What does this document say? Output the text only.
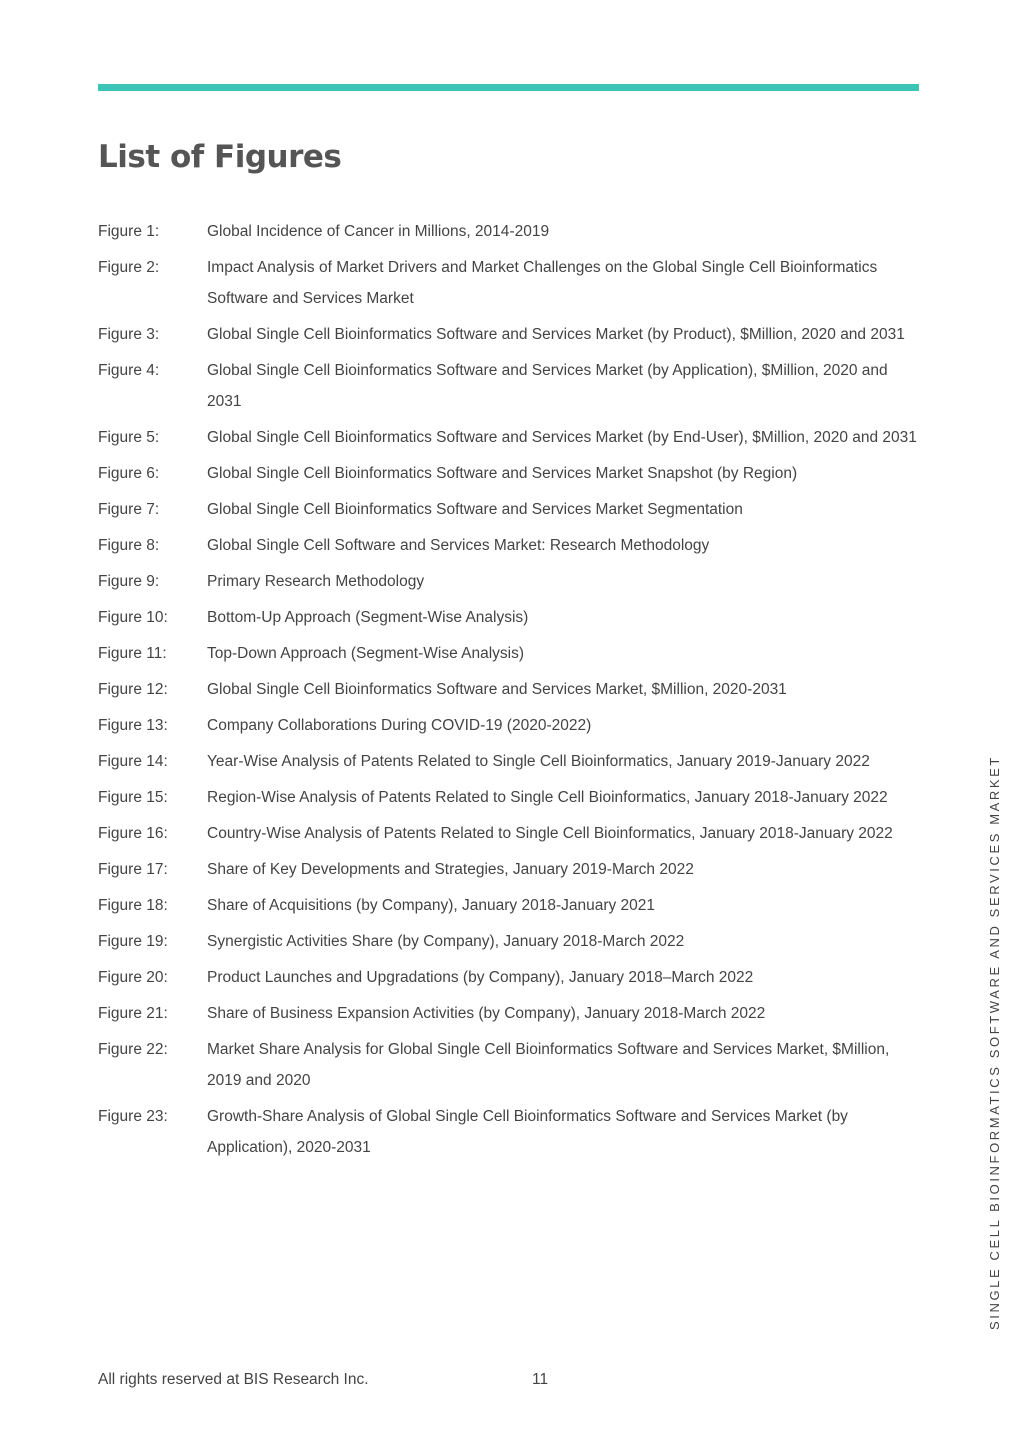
List of Figures
Figure 1:	Global Incidence of Cancer in Millions, 2014-2019
Figure 2:	Impact Analysis of Market Drivers and Market Challenges on the Global Single Cell Bioinformatics Software and Services Market
Figure 3:	Global Single Cell Bioinformatics Software and Services Market (by Product), $Million, 2020 and 2031
Figure 4:	Global Single Cell Bioinformatics Software and Services Market (by Application), $Million, 2020 and 2031
Figure 5:	Global Single Cell Bioinformatics Software and Services Market (by End-User), $Million, 2020 and 2031
Figure 6:	Global Single Cell Bioinformatics Software and Services Market Snapshot (by Region)
Figure 7:	Global Single Cell Bioinformatics Software and Services Market Segmentation
Figure 8:	Global Single Cell Software and Services Market: Research Methodology
Figure 9:	Primary Research Methodology
Figure 10:	Bottom-Up Approach (Segment-Wise Analysis)
Figure 11:	Top-Down Approach (Segment-Wise Analysis)
Figure 12:	Global Single Cell Bioinformatics Software and Services Market, $Million, 2020-2031
Figure 13:	Company Collaborations During COVID-19 (2020-2022)
Figure 14:	Year-Wise Analysis of Patents Related to Single Cell Bioinformatics, January 2019-January 2022
Figure 15:	Region-Wise Analysis of Patents Related to Single Cell Bioinformatics, January 2018-January 2022
Figure 16:	Country-Wise Analysis of Patents Related to Single Cell Bioinformatics, January 2018-January 2022
Figure 17:	Share of Key Developments and Strategies, January 2019-March 2022
Figure 18:	Share of Acquisitions (by Company), January 2018-January 2021
Figure 19:	Synergistic Activities Share (by Company), January 2018-March 2022
Figure 20:	Product Launches and Upgradations (by Company), January 2018–March 2022
Figure 21:	Share of Business Expansion Activities (by Company), January 2018-March 2022
Figure 22:	Market Share Analysis for Global Single Cell Bioinformatics Software and Services Market, $Million, 2019 and 2020
Figure 23:	Growth-Share Analysis of Global Single Cell Bioinformatics Software and Services Market (by Application), 2020-2031	SINGLE CELL BIOINFORMATICS SOFTWARE AND SERVICES MARKET
All rights reserved at BIS Research Inc.	11
